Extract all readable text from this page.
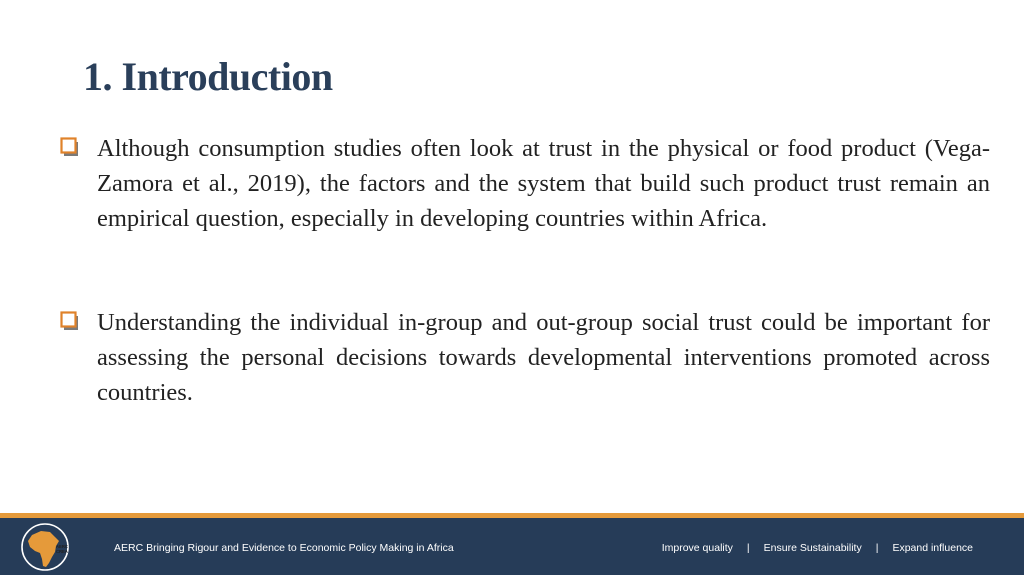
1. Introduction
Although consumption studies often look at trust in the physical or food product (Vega-Zamora et al., 2019), the factors and the system that build such product trust remain an empirical question, especially in developing countries within Africa.
Understanding the individual in-group and out-group social trust could be important for assessing the personal decisions towards developmental interventions promoted across countries.
AERC
CREA	AERC Bringing Rigour and Evidence to Economic Policy Making in Africa	Improve quality | Ensure Sustainability | Expand influence
